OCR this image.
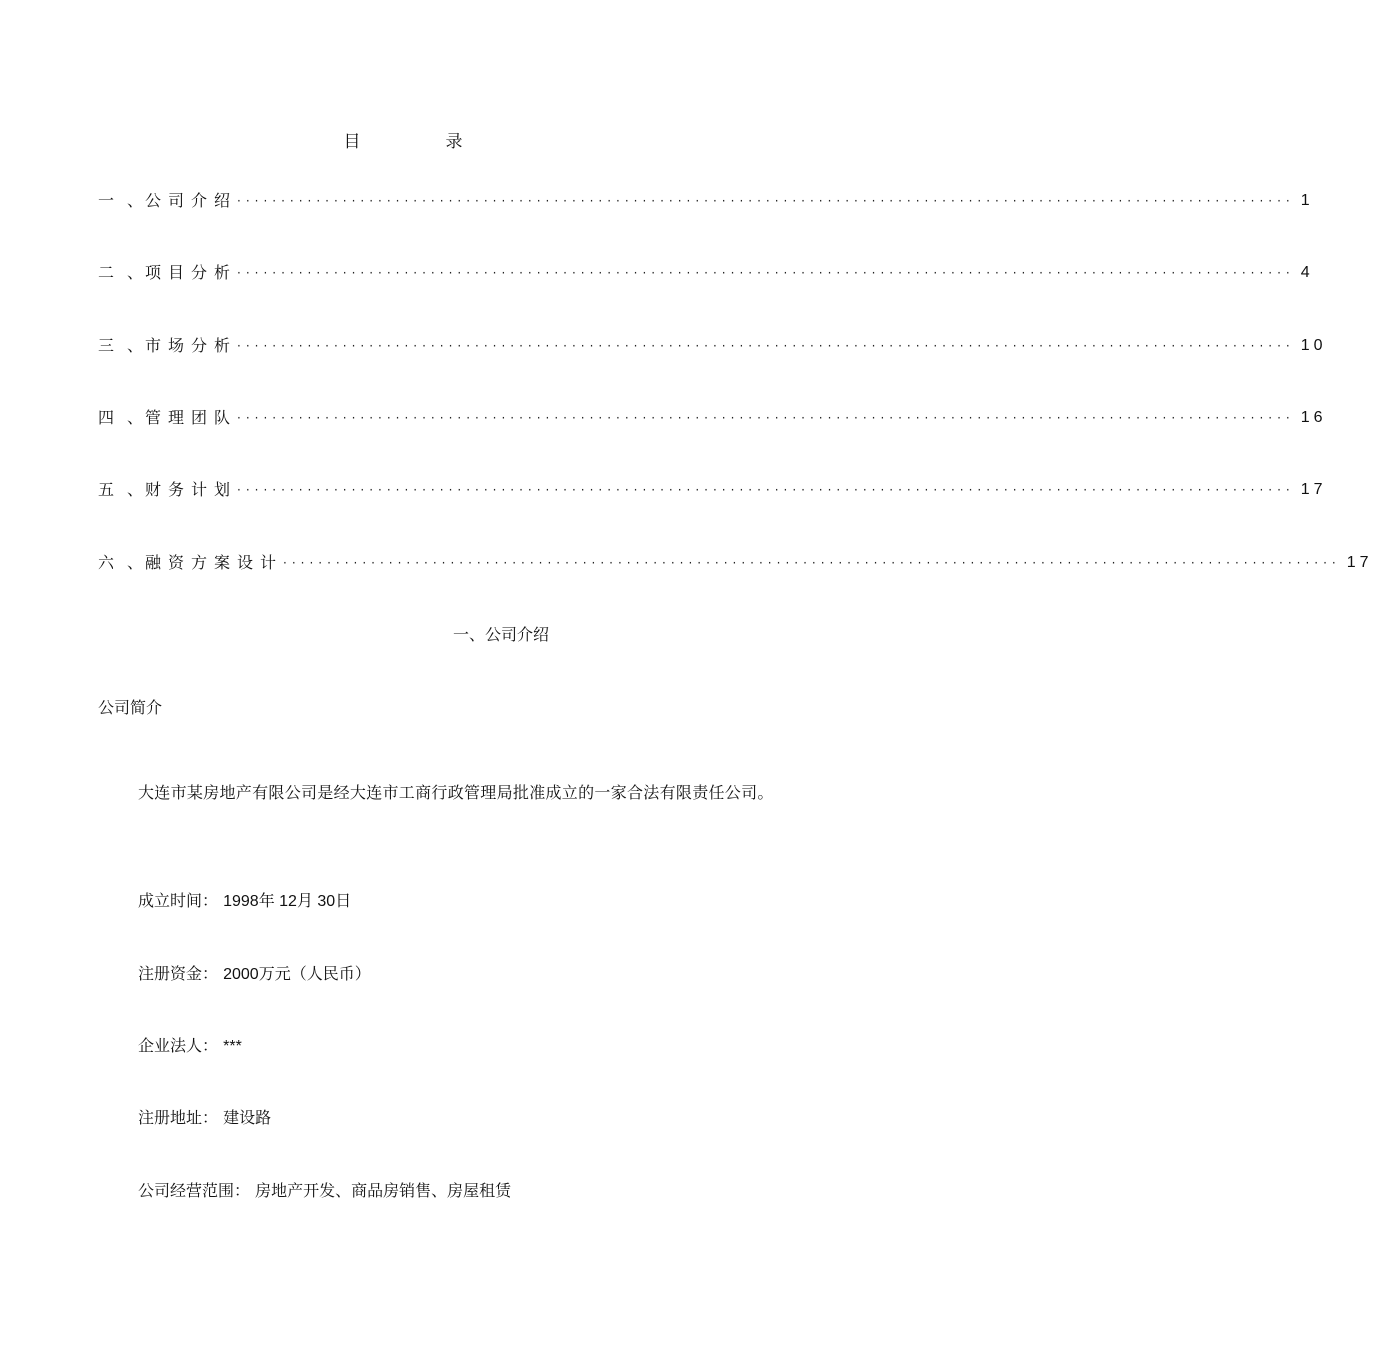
目　录
一、
公司介绍 ························································································································ 1
二、
项目分析 ························································································································ 4
三、
市场分析 ························································································································ 10
四、
管理团队 ························································································································ 16
五、
财务计划 ························································································································ 17
六、
融资方案设计 ························································································································ 17
一、公司介绍
公司简介
大连市某房地产有限公司是经大连市工商行政管理局批准成立的一家合法有限责任公司。
成立时间： 1998年 12月 30日
注册资金： 2000万元（人民币）
企业法人： ***
注册地址： 建设路
公司经营范围： 房地产开发、商品房销售、房屋租赁
